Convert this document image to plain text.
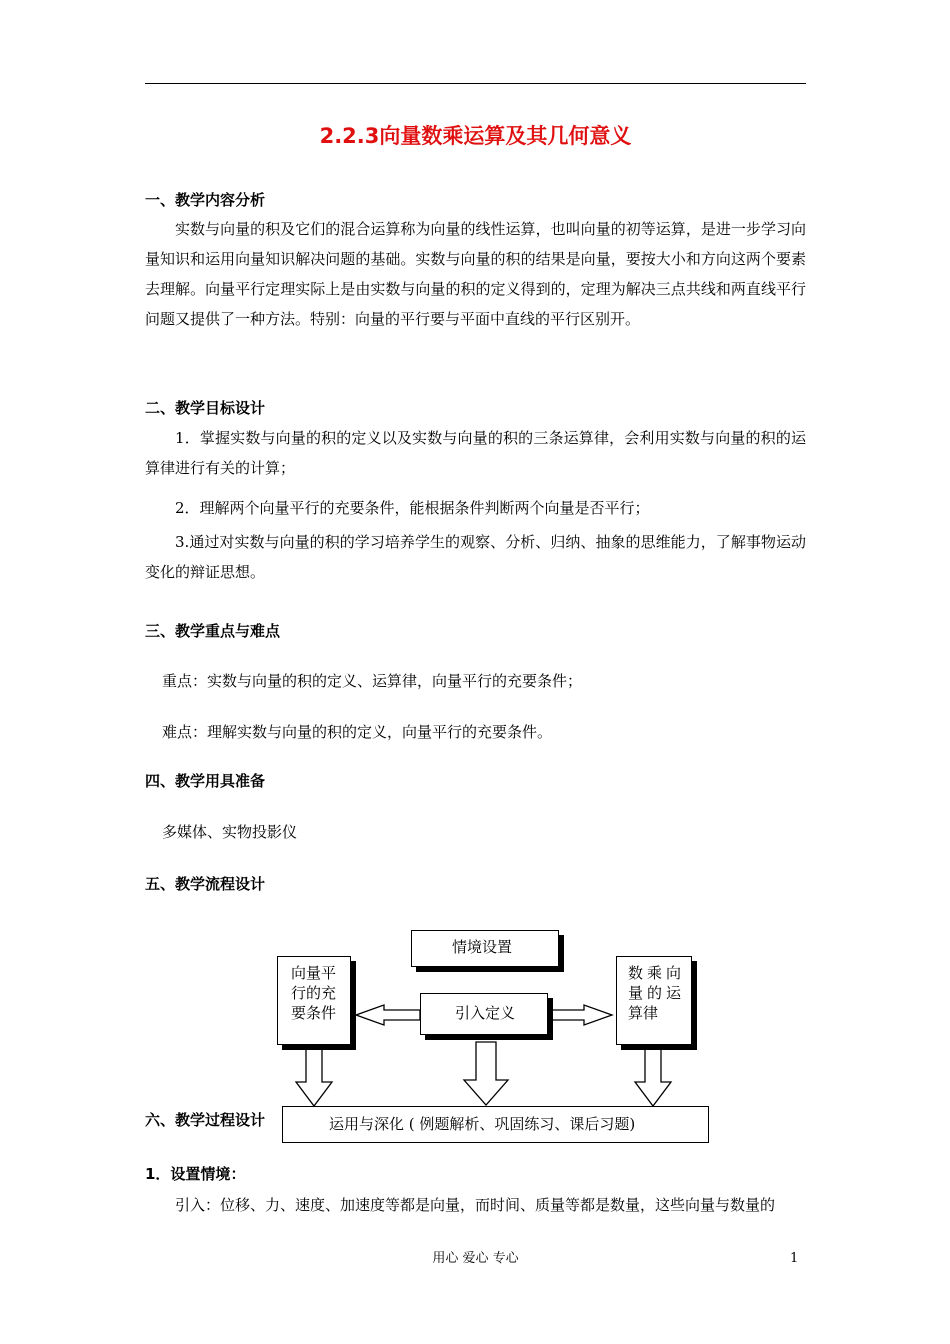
2.2.3向量数乘运算及其几何意义
一、教学内容分析
实数与向量的积及它们的混合运算称为向量的线性运算，也叫向量的初等运算，是进一步学习向量知识和运用向量知识解决问题的基础。实数与向量的积的结果是向量，要按大小和方向这两个要素去理解。向量平行定理实际上是由实数与向量的积的定义得到的，定理为解决三点共线和两直线平行问题又提供了一种方法。特别：向量的平行要与平面中直线的平行区别开。
二、教学目标设计
1．掌握实数与向量的积的定义以及实数与向量的积的三条运算律，会利用实数与向量的积的运算律进行有关的计算；
2．理解两个向量平行的充要条件，能根据条件判断两个向量是否平行；
3.通过对实数与向量的积的学习培养学生的观察、分析、归纳、抽象的思维能力，了解事物运动变化的辩证思想。
三、教学重点与难点
重点：实数与向量的积的定义、运算律，向量平行的充要条件；
难点：理解实数与向量的积的定义，向量平行的充要条件。
四、教学用具准备
多媒体、实物投影仪
五、教学流程设计
情境设置
引入定义
向量平
行的充
要条件
数乘向
量的运
算律
运用与深化 ( 例题解析、巩固练习、课后习题)
六、教学过程设计
1．设置情境：
引入：位移、力、速度、加速度等都是向量，而时间、质量等都是数量，这些向量与数量的
用心 爱心 专心	1
